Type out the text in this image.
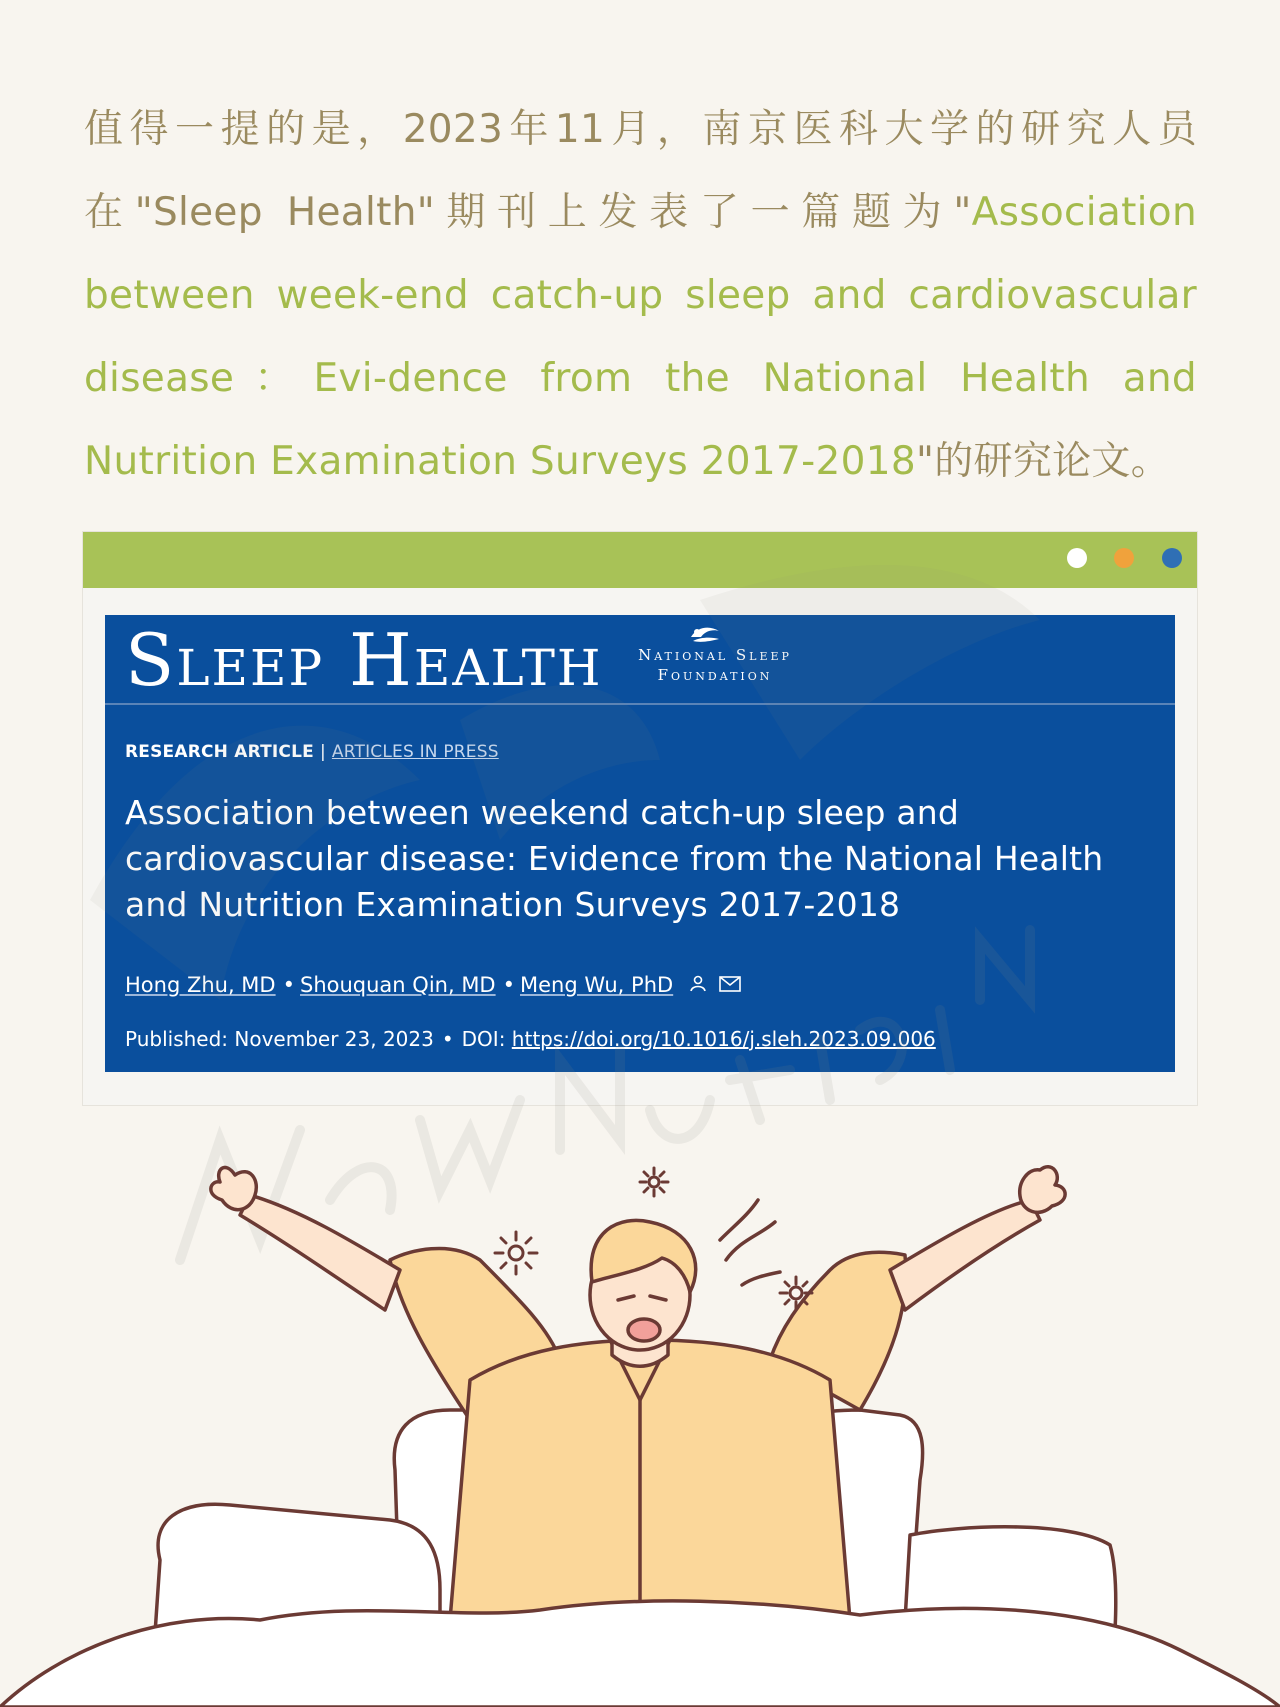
值得一提的是，2023年11月，南京医科大学的研究人员在"Sleep Health"期刊上发表了一篇题为"Association between week-end catch-up sleep and cardiovascular disease：Evi-dence from the National Health and Nutrition Examination Surveys 2017-2018"的研究论文。
Sleep Health	National Sleep
Foundation
RESEARCH ARTICLE | ARTICLES IN PRESS
Association between weekend catch-up sleep and cardiovascular disease: Evidence from the National Health and Nutrition Examination Surveys 2017-2018
Hong Zhu, MD • Shouquan Qin, MD • Meng Wu, PhD
Published: November 23, 2023 • DOI: https://doi.org/10.1016/j.sleh.2023.09.006
